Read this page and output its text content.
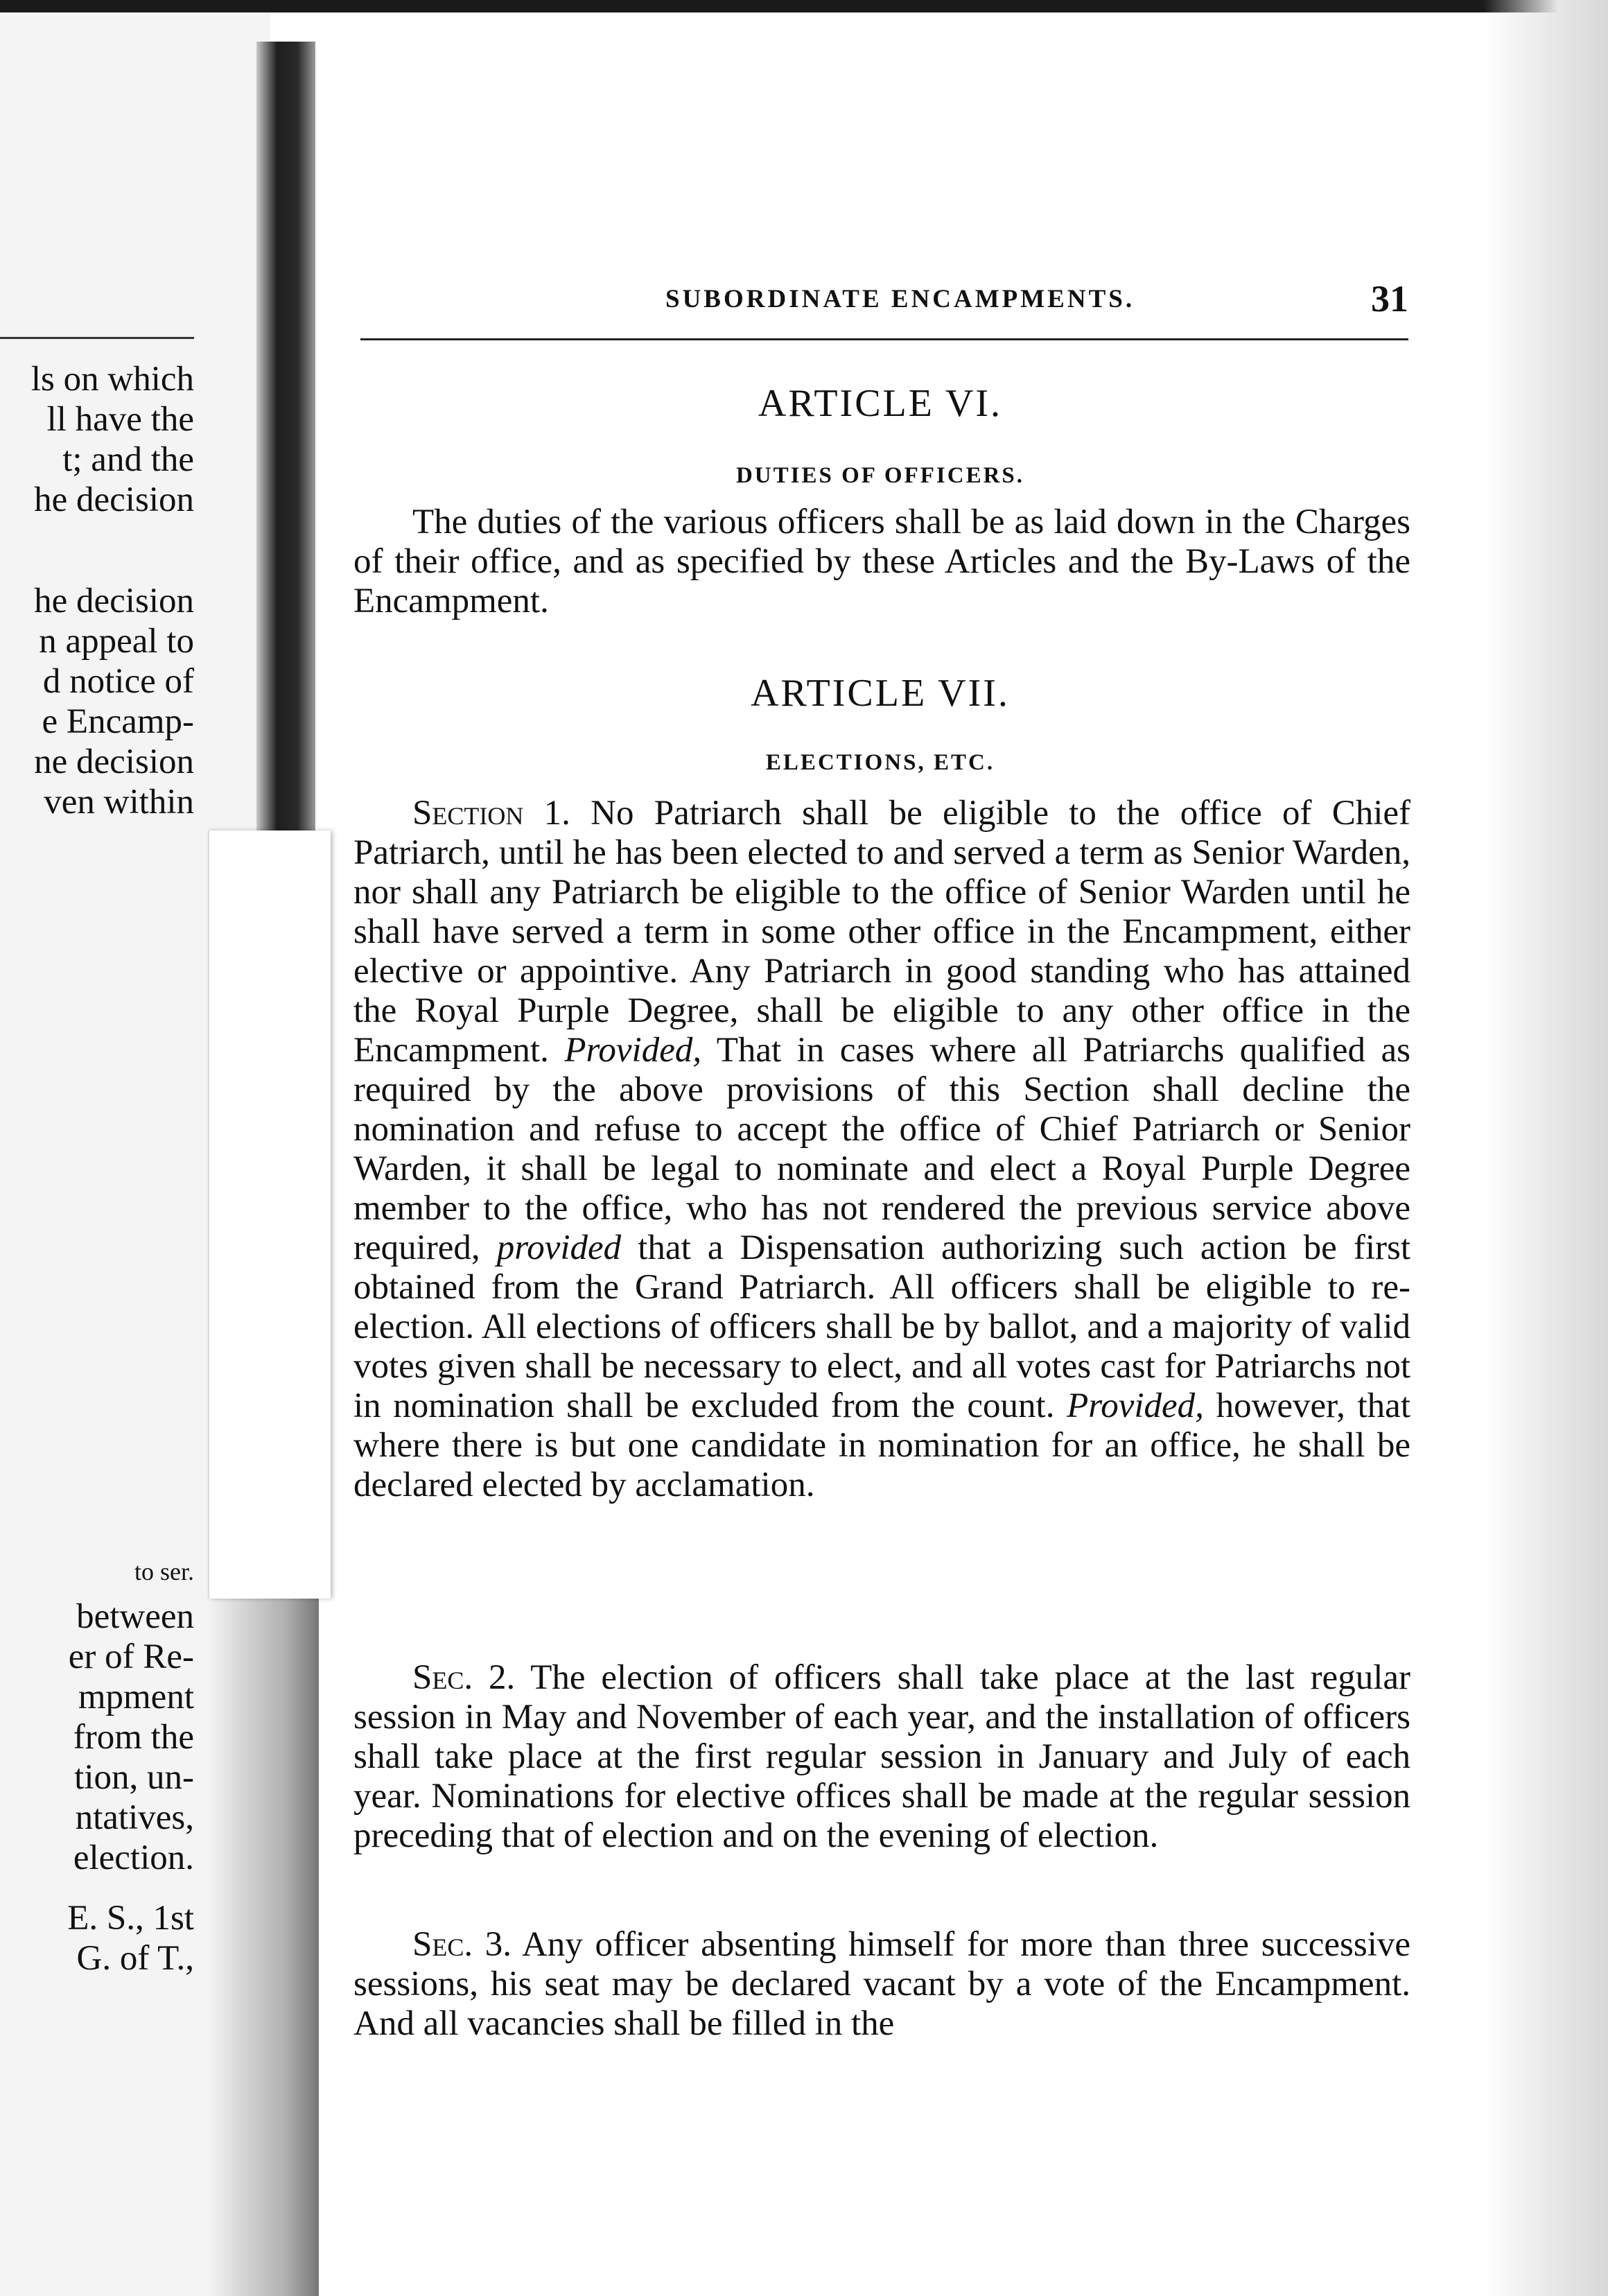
ls on which
ll have the
t; and the
he decision
he decision
n appeal to
d notice of
e Encamp-
ne decision
ven within
to ser.
between
er of Re-
mpment
from the
tion, un-
ntatives,
election.
E. S., 1st
G. of T.,
SUBORDINATE ENCAMPMENTS.	31
ARTICLE VI.
DUTIES OF OFFICERS.

The duties of the various officers shall be as laid down in the Charges of their office, and as specified by these Articles and the By-Laws of the Encampment.

ARTICLE VII.
ELECTIONS, ETC.

Section 1. No Patriarch shall be eligible to the office of Chief Patriarch, until he has been elected to and served a term as Senior Warden, nor shall any Patriarch be eligible to the office of Senior Warden until he shall have served a term in some other office in the Encampment, either elective or appointive. Any Patriarch in good standing who has attained the Royal Purple Degree, shall be eligible to any other office in the Encampment. Provided, That in cases where all Patriarchs qualified as required by the above provisions of this Section shall decline the nomination and refuse to accept the office of Chief Patriarch or Senior Warden, it shall be legal to nominate and elect a Royal Purple Degree member to the office, who has not rendered the previous service above required, provided that a Dispensation authorizing such action be first obtained from the Grand Patriarch. All officers shall be eligible to re-election. All elections of officers shall be by ballot, and a majority of valid votes given shall be necessary to elect, and all votes cast for Patriarchs not in nomination shall be excluded from the count. Provided, however, that where there is but one candidate in nomination for an office, he shall be declared elected by acclamation.

Sec. 2. The election of officers shall take place at the last regular session in May and November of each year, and the installation of officers shall take place at the first regular session in January and July of each year. Nominations for elective offices shall be made at the regular session preceding that of election and on the evening of election.

Sec. 3. Any officer absenting himself for more than three successive sessions, his seat may be declared vacant by a vote of the Encampment. And all vacancies shall be filled in the
